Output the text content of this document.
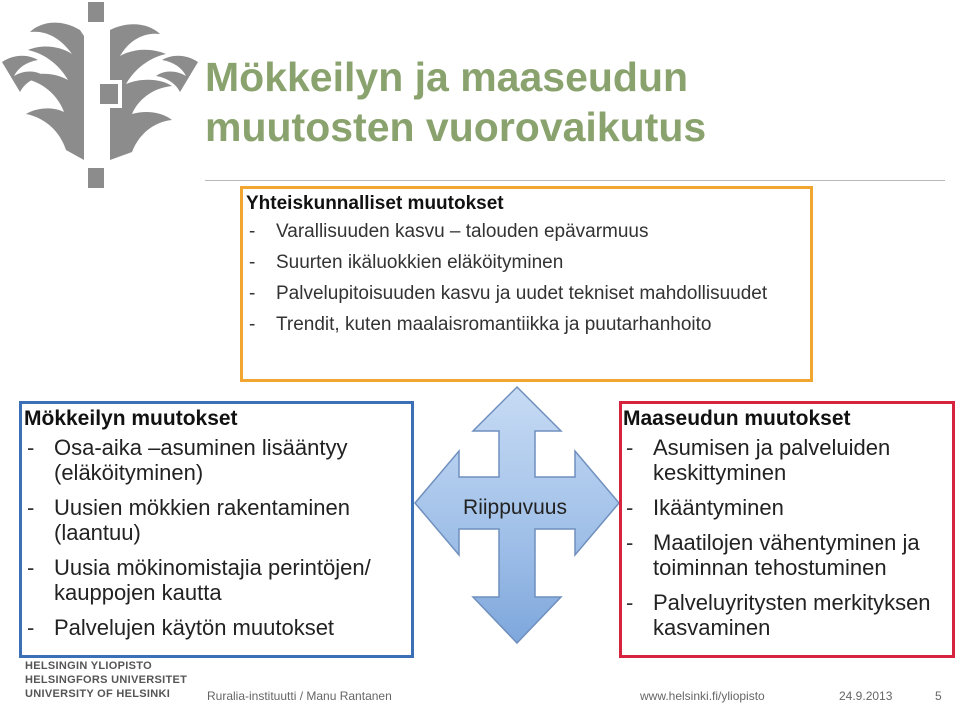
Mökkeilyn ja maaseudun
muutosten vuorovaikutus
Yhteiskunnalliset muutokset
- Varallisuuden kasvu – talouden epävarmuus
- Suurten ikäluokkien eläköityminen
- Palvelupitoisuuden kasvu ja uudet tekniset mahdollisuudet
- Trendit, kuten maalaisromantiikka ja puutarhanhoito
Riippuvuus
Mökkeilyn muutokset
- Osa-aika –asuminen lisääntyy (eläköityminen)
- Uusien mökkien rakentaminen (laantuu)
- Uusia mökinomistajia perintöjen/ kauppojen kautta
- Palvelujen käytön muutokset
Maaseudun muutokset
- Asumisen ja palveluiden keskittyminen
- Ikääntyminen
- Maatilojen vähentyminen ja toiminnan tehostuminen
- Palveluyritysten merkityksen kasvaminen
HELSINGIN YLIOPISTO
HELSINGFORS UNIVERSITET
UNIVERSITY OF HELSINKI	Ruralia-instituutti / Manu Rantanen	www.helsinki.fi/yliopisto	24.9.2013	5
